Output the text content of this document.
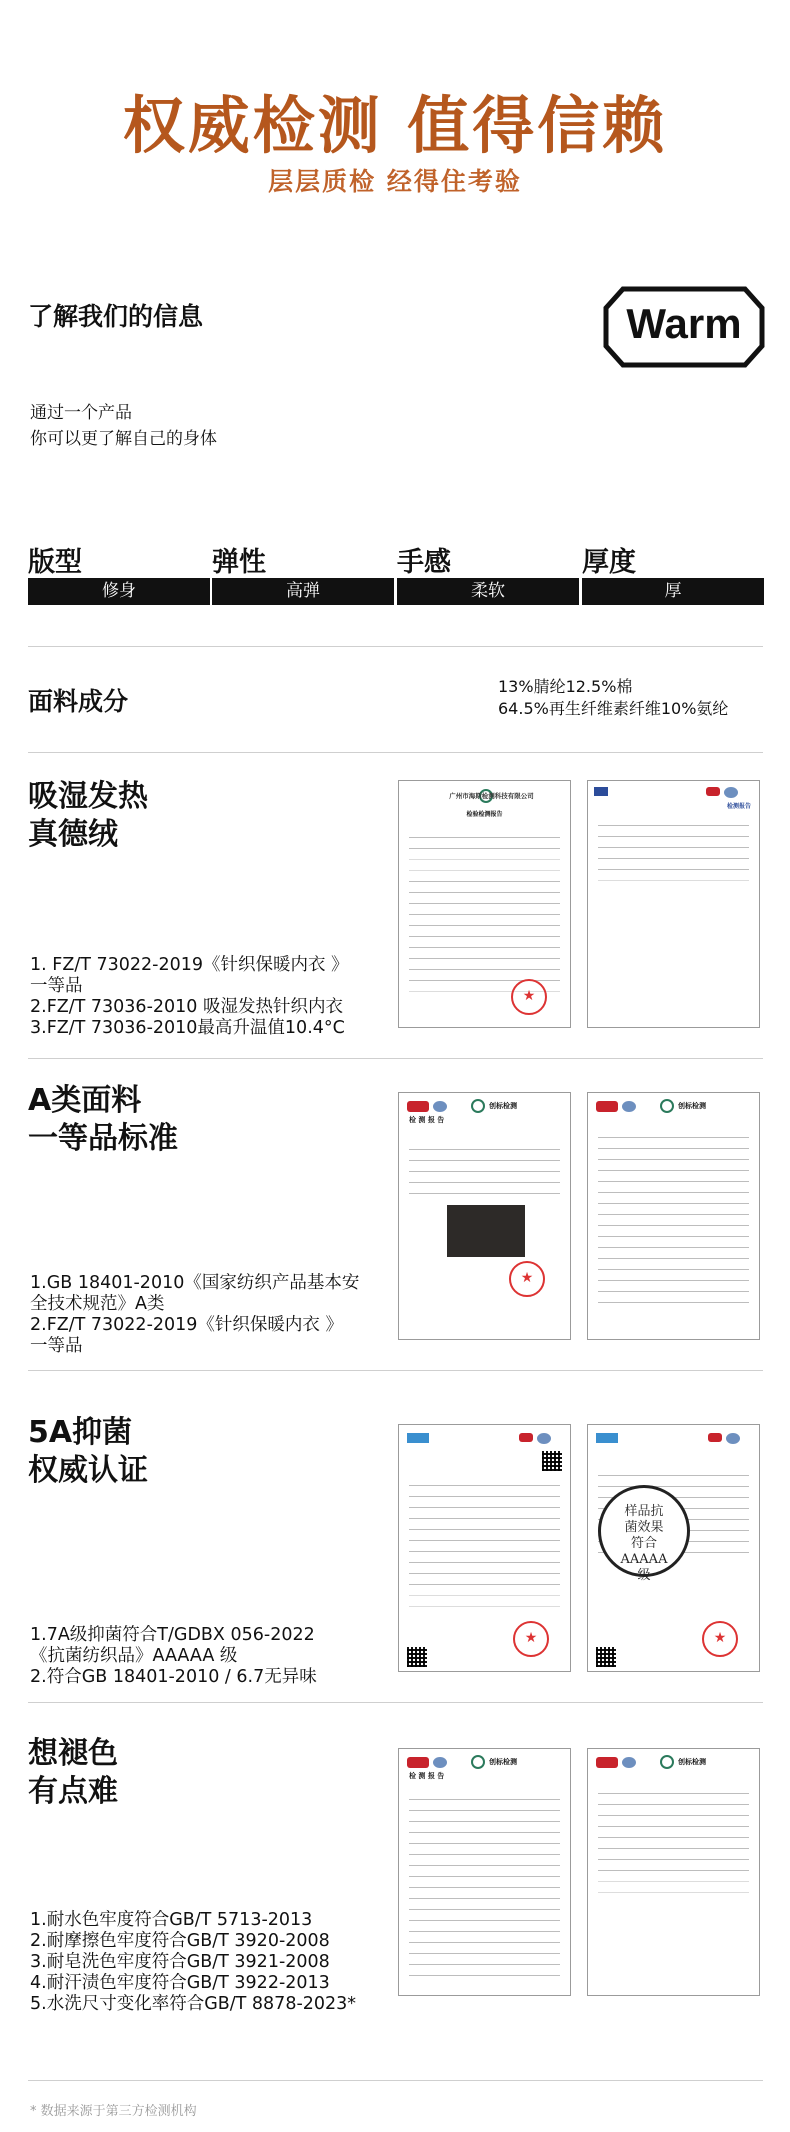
权威检测 值得信赖
层层质检 经得住考验
了解我们的信息	Warm
通过一个产品
你可以更了解自己的身体
版型	弹性	手感	厚度
修身	高弹	柔软	厚
面料成分
13%腈纶12.5%棉
64.5%再生纤维素纤维10%氨纶
吸湿发热
真德绒
1. FZ/T 73022-2019《针织保暖内衣 》
一等品
2.FZ/T 73036-2010 吸湿发热针织内衣
3.FZ/T 73036-2010最高升温值10.4°C
广州市海斯检测科技有限公司
检验检测报告
★
检测报告
A类面料
一等品标准
1.GB 18401-2010《国家纺织产品基本安
全技术规范》A类
2.FZ/T 73022-2019《针织保暖内衣 》
一等品
创标检测
检 测 报 告
★
创标检测
5A抑菌
权威认证
1.7A级抑菌符合T/GDBX 056-2022
《抗菌纺织品》AAAAA 级
2.符合GB 18401-2010 / 6.7无异味
★
样品抗
菌效果
符合
AAAAA
级
★
想褪色
有点难
1.耐水色牢度符合GB/T 5713-2013
2.耐摩擦色牢度符合GB/T 3920-2008
3.耐皂洗色牢度符合GB/T 3921-2008
4.耐汗渍色牢度符合GB/T 3922-2013
5.水洗尺寸变化率符合GB/T 8878-2023*
创标检测
检 测 报 告
创标检测
* 数据来源于第三方检测机构
